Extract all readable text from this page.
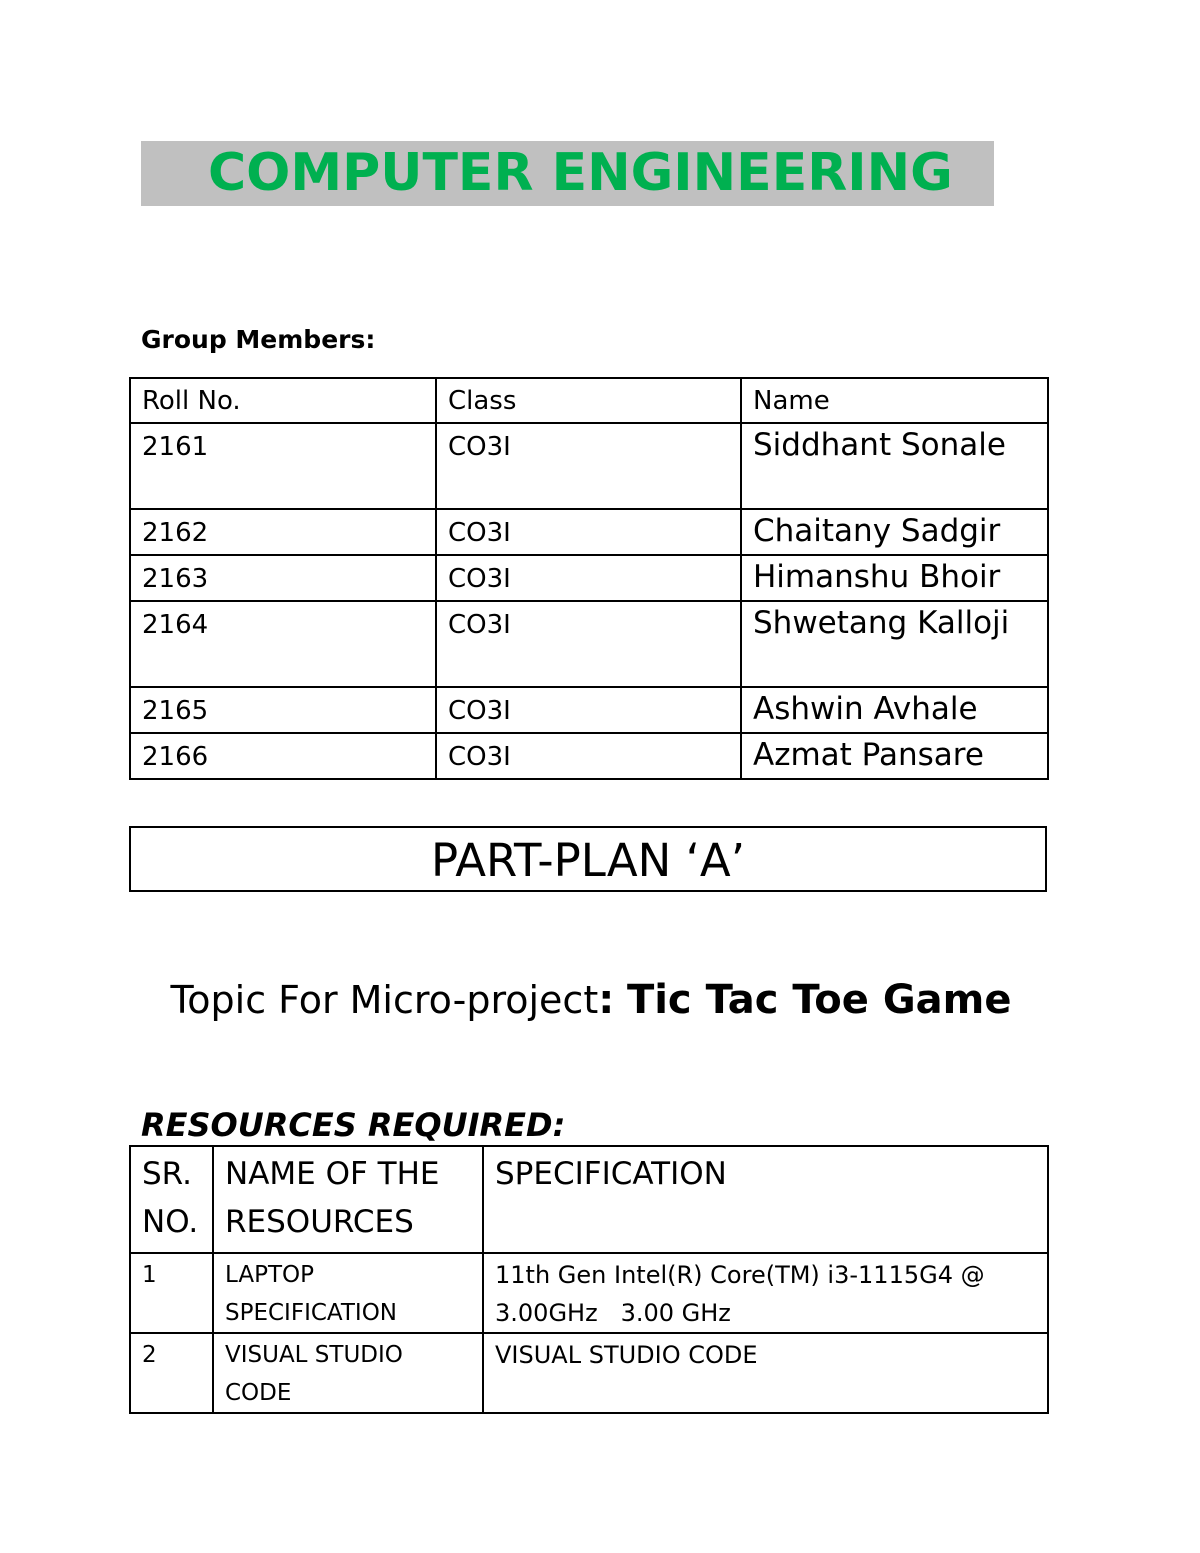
COMPUTER ENGINEERING
Group Members:
Roll No.	Class	Name
2161	CO3I	Siddhant Sonale
2162	CO3I	Chaitany Sadgir
2163	CO3I	Himanshu Bhoir
2164	CO3I	Shwetang Kalloji
2165	CO3I	Ashwin Avhale
2166	CO3I	Azmat Pansare
PART-PLAN ‘A’
Topic For Micro-project: Tic Tac Toe Game
RESOURCES REQUIRED:
SR. NO.	NAME OF THE RESOURCES	SPECIFICATION
1	LAPTOP SPECIFICATION	11th Gen Intel(R) Core(TM) i3-1115G4 @ 3.00GHz   3.00 GHz
2	VISUAL STUDIO CODE	VISUAL STUDIO CODE
